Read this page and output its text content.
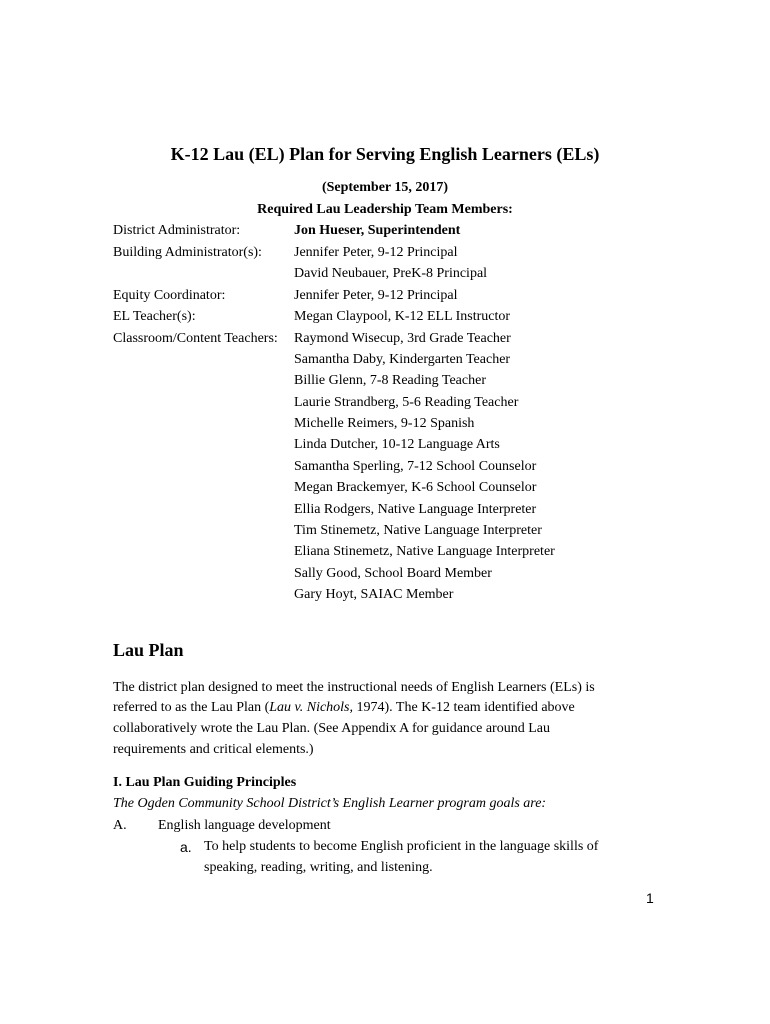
K-12 Lau (EL) Plan for Serving English Learners (ELs)
(September 15, 2017)
Required Lau Leadership Team Members:
District Administrator:	Jon Hueser, Superintendent
Building Administrator(s): Jennifer Peter, 9-12 Principal
David Neubauer, PreK-8 Principal
Equity Coordinator:	Jennifer Peter, 9-12 Principal
EL Teacher(s):	Megan Claypool, K-12 ELL Instructor
Classroom/Content Teachers: Raymond Wisecup, 3rd Grade Teacher
Samantha Daby, Kindergarten Teacher
Billie Glenn, 7-8 Reading Teacher
Laurie Strandberg, 5-6 Reading Teacher
Michelle Reimers, 9-12 Spanish
Linda Dutcher, 10-12 Language Arts
Samantha Sperling, 7-12 School Counselor
Megan Brackemyer, K-6 School Counselor
Ellia Rodgers, Native Language Interpreter
Tim Stinemetz, Native Language Interpreter
Eliana Stinemetz, Native Language Interpreter
Sally Good, School Board Member
Gary Hoyt, SAIAC Member
Lau Plan
The district plan designed to meet the instructional needs of English Learners (ELs) is
referred to as the Lau Plan (Lau v. Nichols, 1974). The K-12 team identified above
collaboratively wrote the Lau Plan. (See Appendix A for guidance around Lau
requirements and critical elements.)
I. Lau Plan Guiding Principles
The Ogden Community School District’s English Learner program goals are:
A. English language development
a. To help students to become English proficient in the language skills of
speaking, reading, writing, and listening.
1
